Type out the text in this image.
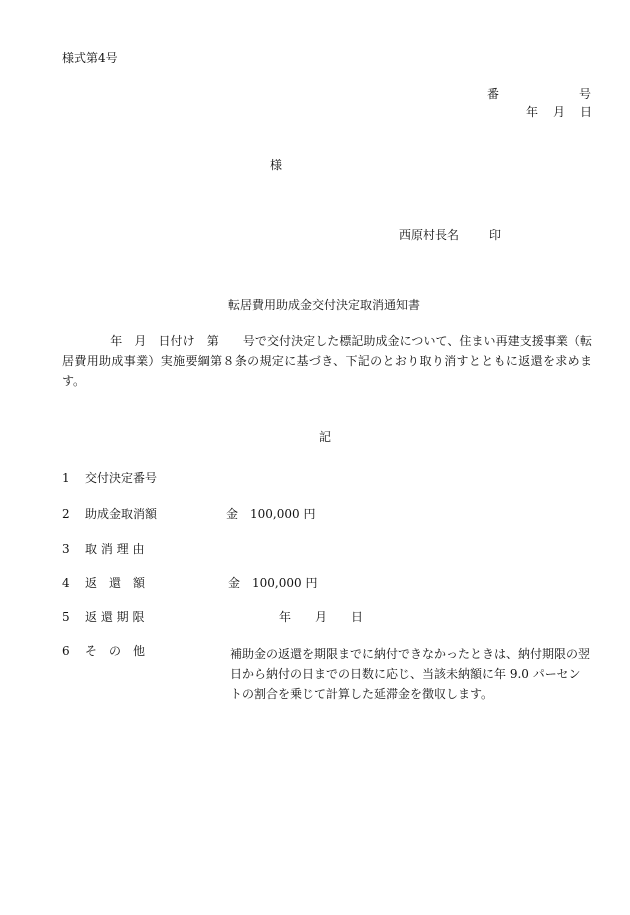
様式第4号
番	号
年 月 日
様
西原村長名 印
転居費用助成金交付決定取消通知書
　　　　年　月　日付け　第　　号で交付決定した標記助成金について、住まい再建支援事業（転居費用助成事業）実施要綱第８条の規定に基づき、下記のとおり取り消すとともに返還を求めます。
記
1 交付決定番号
2 助成金取消額	金　100,000 円
3 取 消 理 由
4 返　還　額	金　100,000 円
5 返 還 期 限	年　　月　　日
6 そ　の　他	補助金の返還を期限までに納付できなかったときは、納付期限の翌日から納付の日までの日数に応じ、当該未納額に年 9.0 パーセントの割合を乗じて計算した延滞金を徴収します。
